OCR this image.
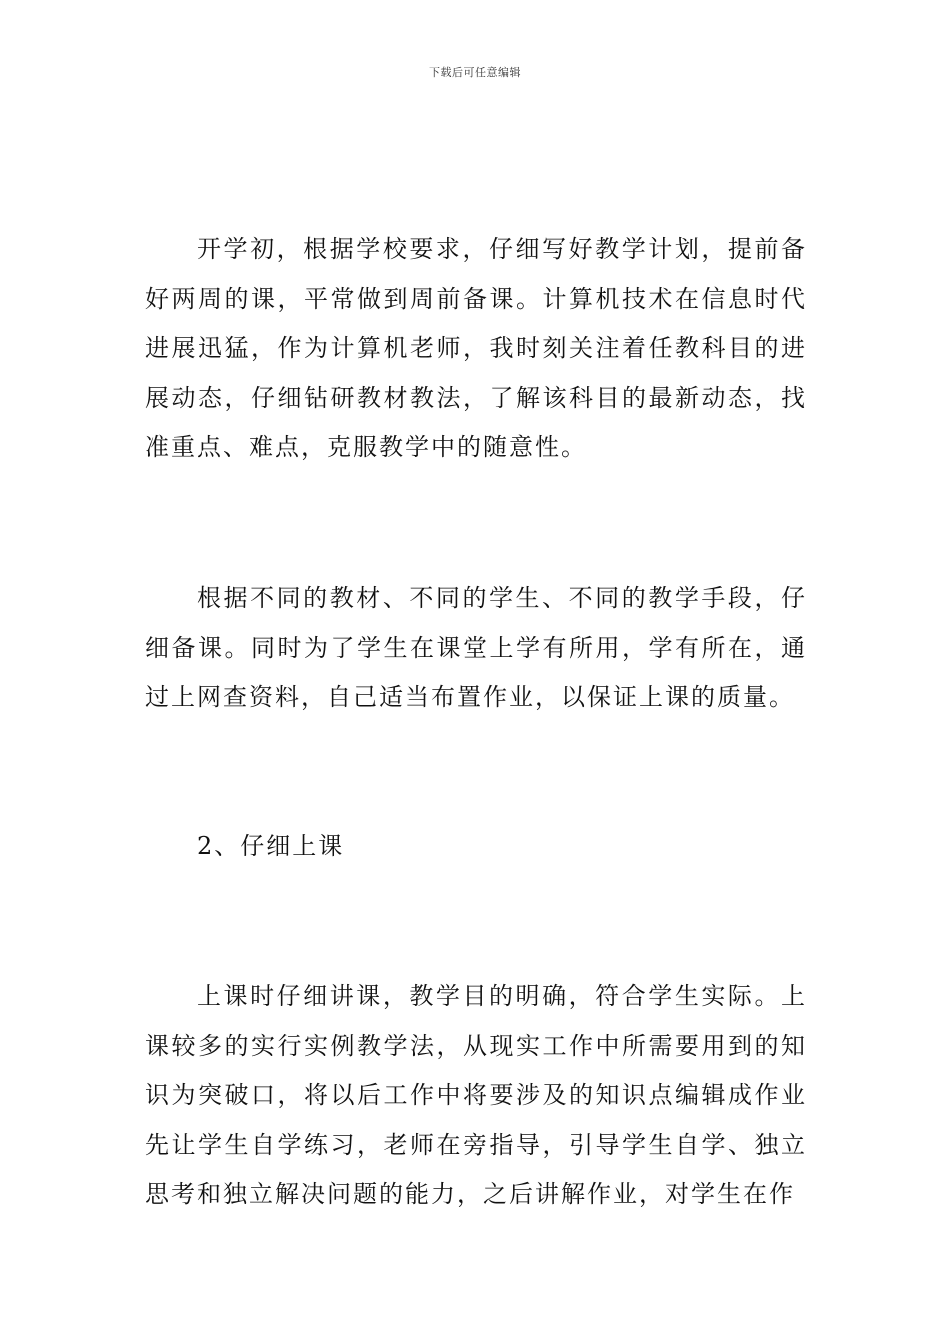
下载后可任意编辑

开学初，根据学校要求，仔细写好教学计划，提前备好两周的课，平常做到周前备课。计算机技术在信息时代进展迅猛，作为计算机老师，我时刻关注着任教科目的进展动态，仔细钻研教材教法，了解该科目的最新动态，找准重点、难点，克服教学中的随意性。

根据不同的教材、不同的学生、不同的教学手段，仔细备课。同时为了学生在课堂上学有所用，学有所在，通过上网查资料，自己适当布置作业，以保证上课的质量。

2、仔细上课

上课时仔细讲课，教学目的明确，符合学生实际。上课较多的实行实例教学法，从现实工作中所需要用到的知识为突破口，将以后工作中将要涉及的知识点编辑成作业先让学生自学练习，老师在旁指导，引导学生自学、独立思考和独立解决问题的能力，之后讲解作业，对学生在作
